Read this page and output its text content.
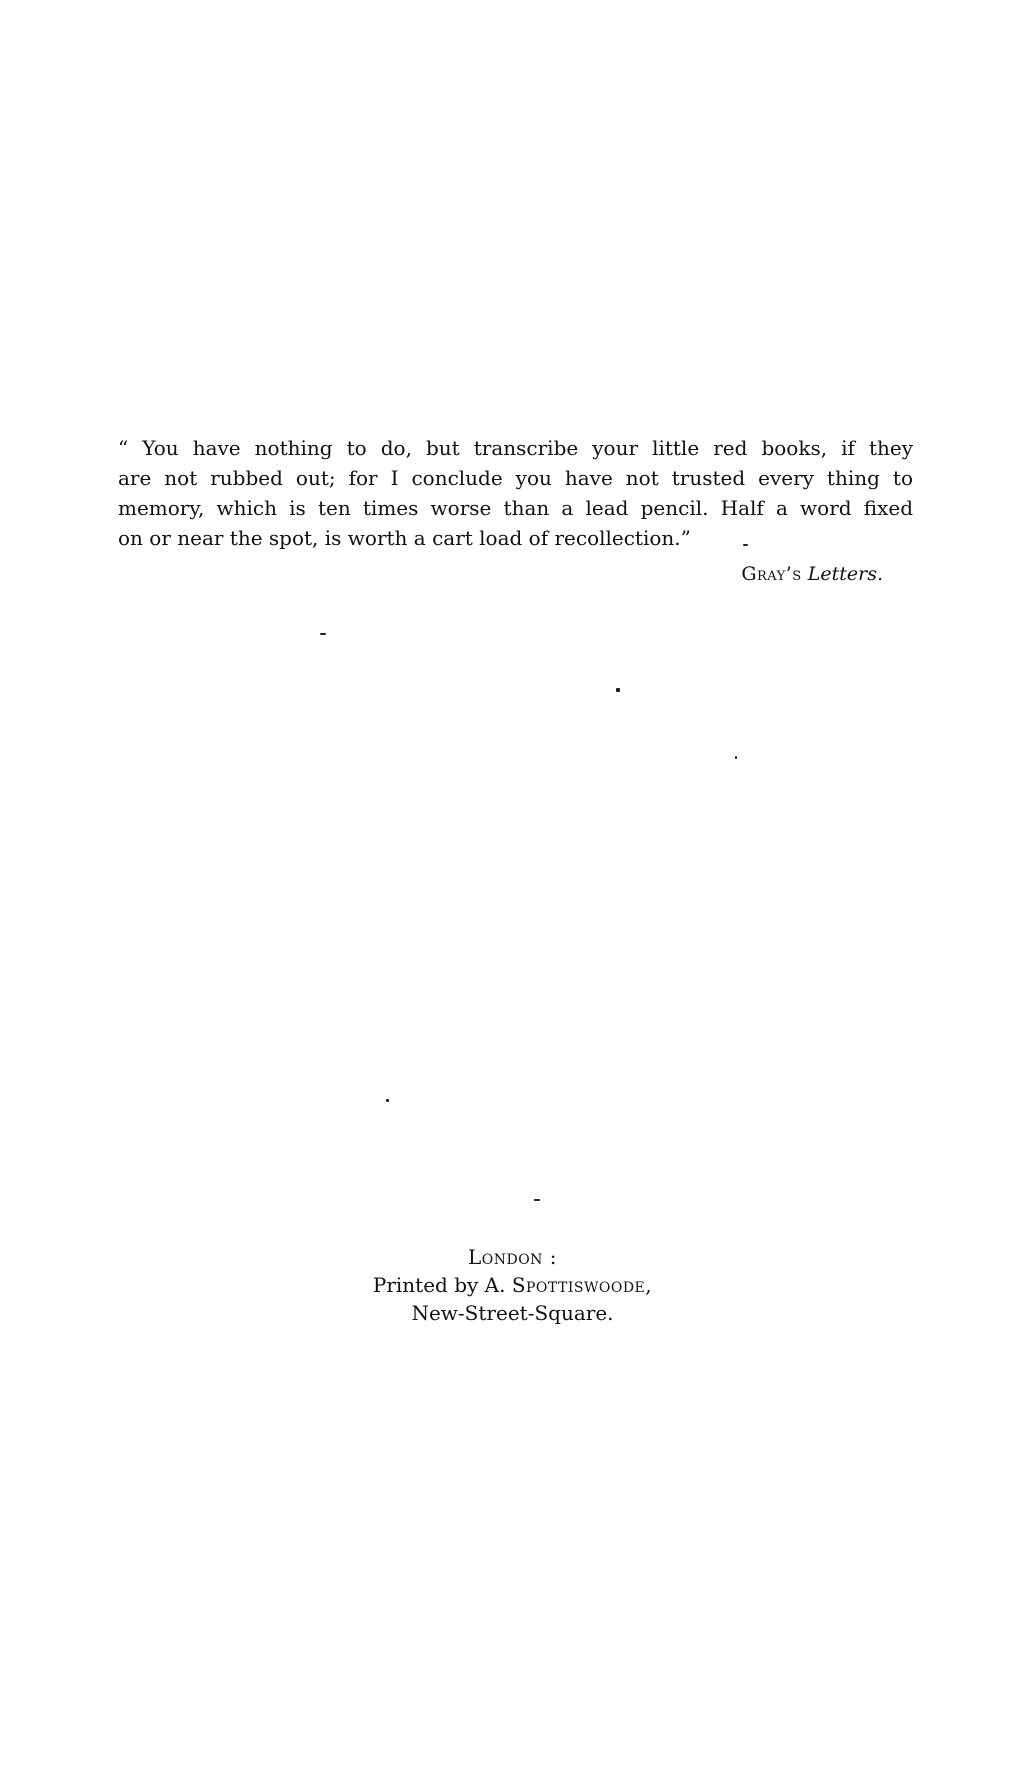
“ You have nothing to do, but transcribe your little red books, if they
are not rubbed out; for I conclude you have not trusted every thing to
memory, which is ten times worse than a lead pencil. Half a word fixed
on or near the spot, is worth a cart load of recollection.”
Gray’s Letters.
London :
Printed by A. Spottiswoode,
New-Street-Square.
